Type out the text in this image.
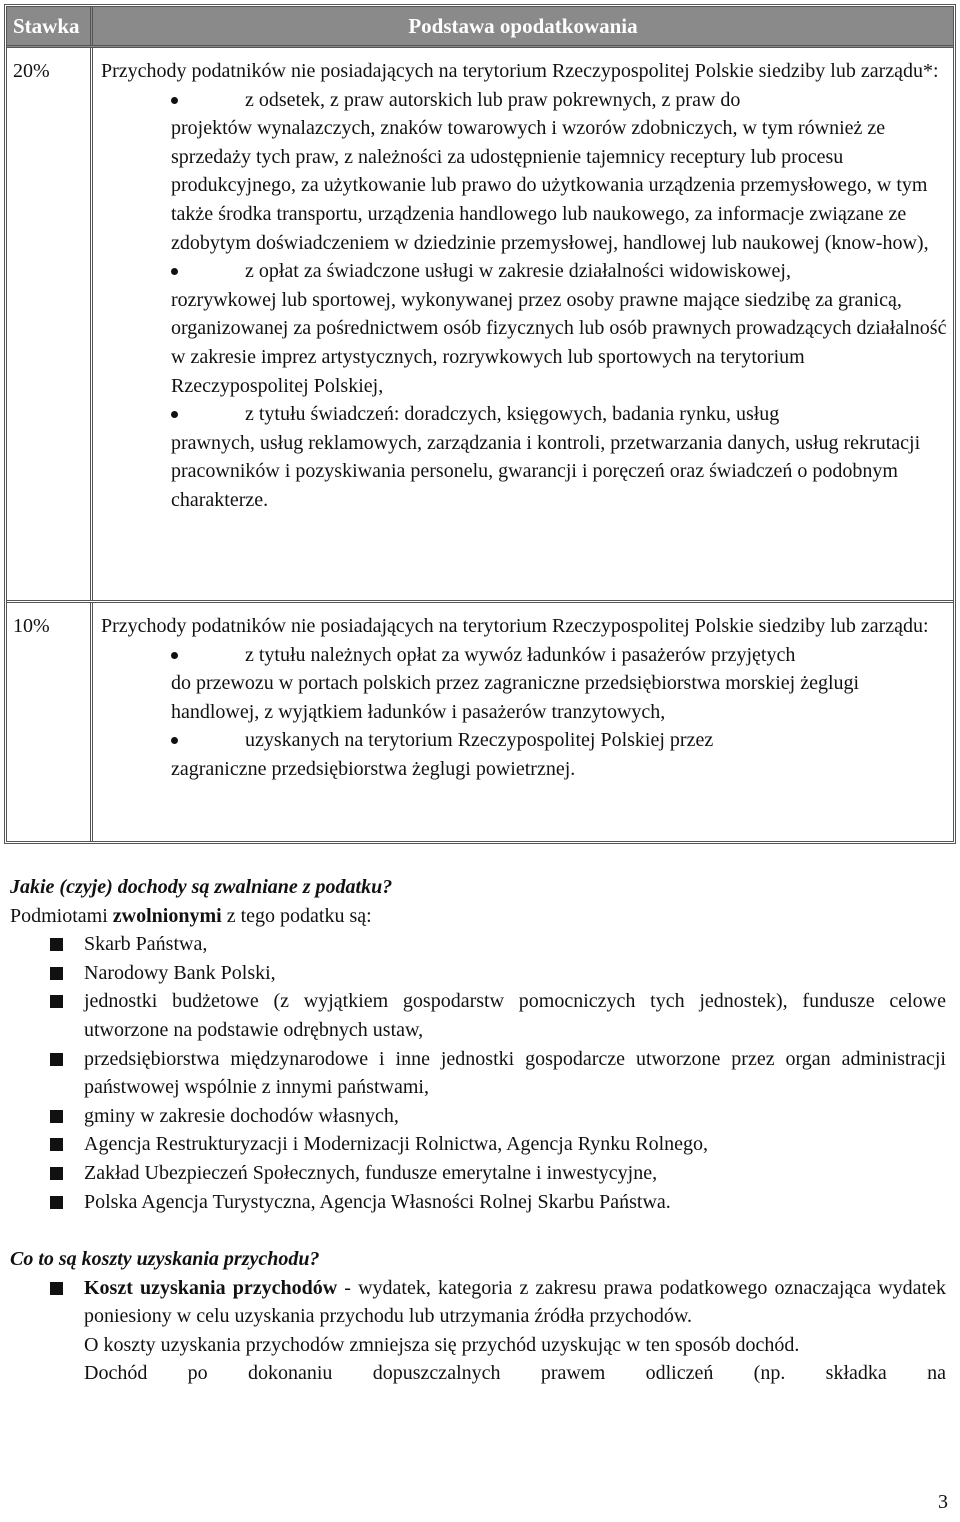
Stawka	Podstawa opodatkowania
20%	Przychody podatników nie posiadających na terytorium Rzeczypospolitej Polskie siedziby lub zarządu*:
z odsetek, z praw autorskich lub praw pokrewnych, z praw do
projektów wynalazczych, znaków towarowych i wzorów zdobniczych, w tym również ze sprzedaży tych praw, z należności za udostępnienie tajemnicy receptury lub procesu produkcyjnego, za użytkowanie lub prawo do użytkowania urządzenia przemysłowego, w tym także środka transportu, urządzenia handlowego lub naukowego, za informacje związane ze zdobytym doświadczeniem w dziedzinie przemysłowej, handlowej lub naukowej (know-how),
z opłat za świadczone usługi w zakresie działalności widowiskowej,
rozrywkowej lub sportowej, wykonywanej przez osoby prawne mające siedzibę za granicą, organizowanej za pośrednictwem osób fizycznych lub osób prawnych prowadzących działalność w zakresie imprez artystycznych, rozrywkowych lub sportowych na terytorium Rzeczypospolitej Polskiej,
z tytułu świadczeń: doradczych, księgowych, badania rynku, usług
prawnych, usług reklamowych, zarządzania i kontroli, przetwarzania danych, usług rekrutacji pracowników i pozyskiwania personelu, gwarancji i poręczeń oraz świadczeń o podobnym charakterze.
10%	Przychody podatników nie posiadających na terytorium Rzeczypospolitej Polskie siedziby lub zarządu:
z tytułu należnych opłat za wywóz ładunków i pasażerów przyjętych
do przewozu w portach polskich przez zagraniczne przedsiębiorstwa morskiej żeglugi handlowej, z wyjątkiem ładunków i pasażerów tranzytowych,
uzyskanych na terytorium Rzeczypospolitej Polskiej przez
zagraniczne przedsiębiorstwa żeglugi powietrznej.
Jakie (czyje) dochody są zwalniane z podatku?
Podmiotami zwolnionymi z tego podatku są:
Skarb Państwa,
Narodowy Bank Polski,
jednostki budżetowe (z wyjątkiem gospodarstw pomocniczych tych jednostek), fundusze celowe utworzone na podstawie odrębnych ustaw,
przedsiębiorstwa międzynarodowe i inne jednostki gospodarcze utworzone przez organ administracji państwowej wspólnie z innymi państwami,
gminy w zakresie dochodów własnych,
Agencja Restrukturyzacji i Modernizacji Rolnictwa, Agencja Rynku Rolnego,
Zakład Ubezpieczeń Społecznych, fundusze emerytalne i inwestycyjne,
Polska Agencja Turystyczna, Agencja Własności Rolnej Skarbu Państwa.
Co to są koszty uzyskania przychodu?
Koszt uzyskania przychodów - wydatek, kategoria z zakresu prawa podatkowego oznaczająca wydatek poniesiony w celu uzyskania przychodu lub utrzymania źródła przychodów.
O koszty uzyskania przychodów zmniejsza się przychód uzyskując w ten sposób dochód.
Dochód po dokonaniu dopuszczalnych prawem odliczeń (np. składka na
3
